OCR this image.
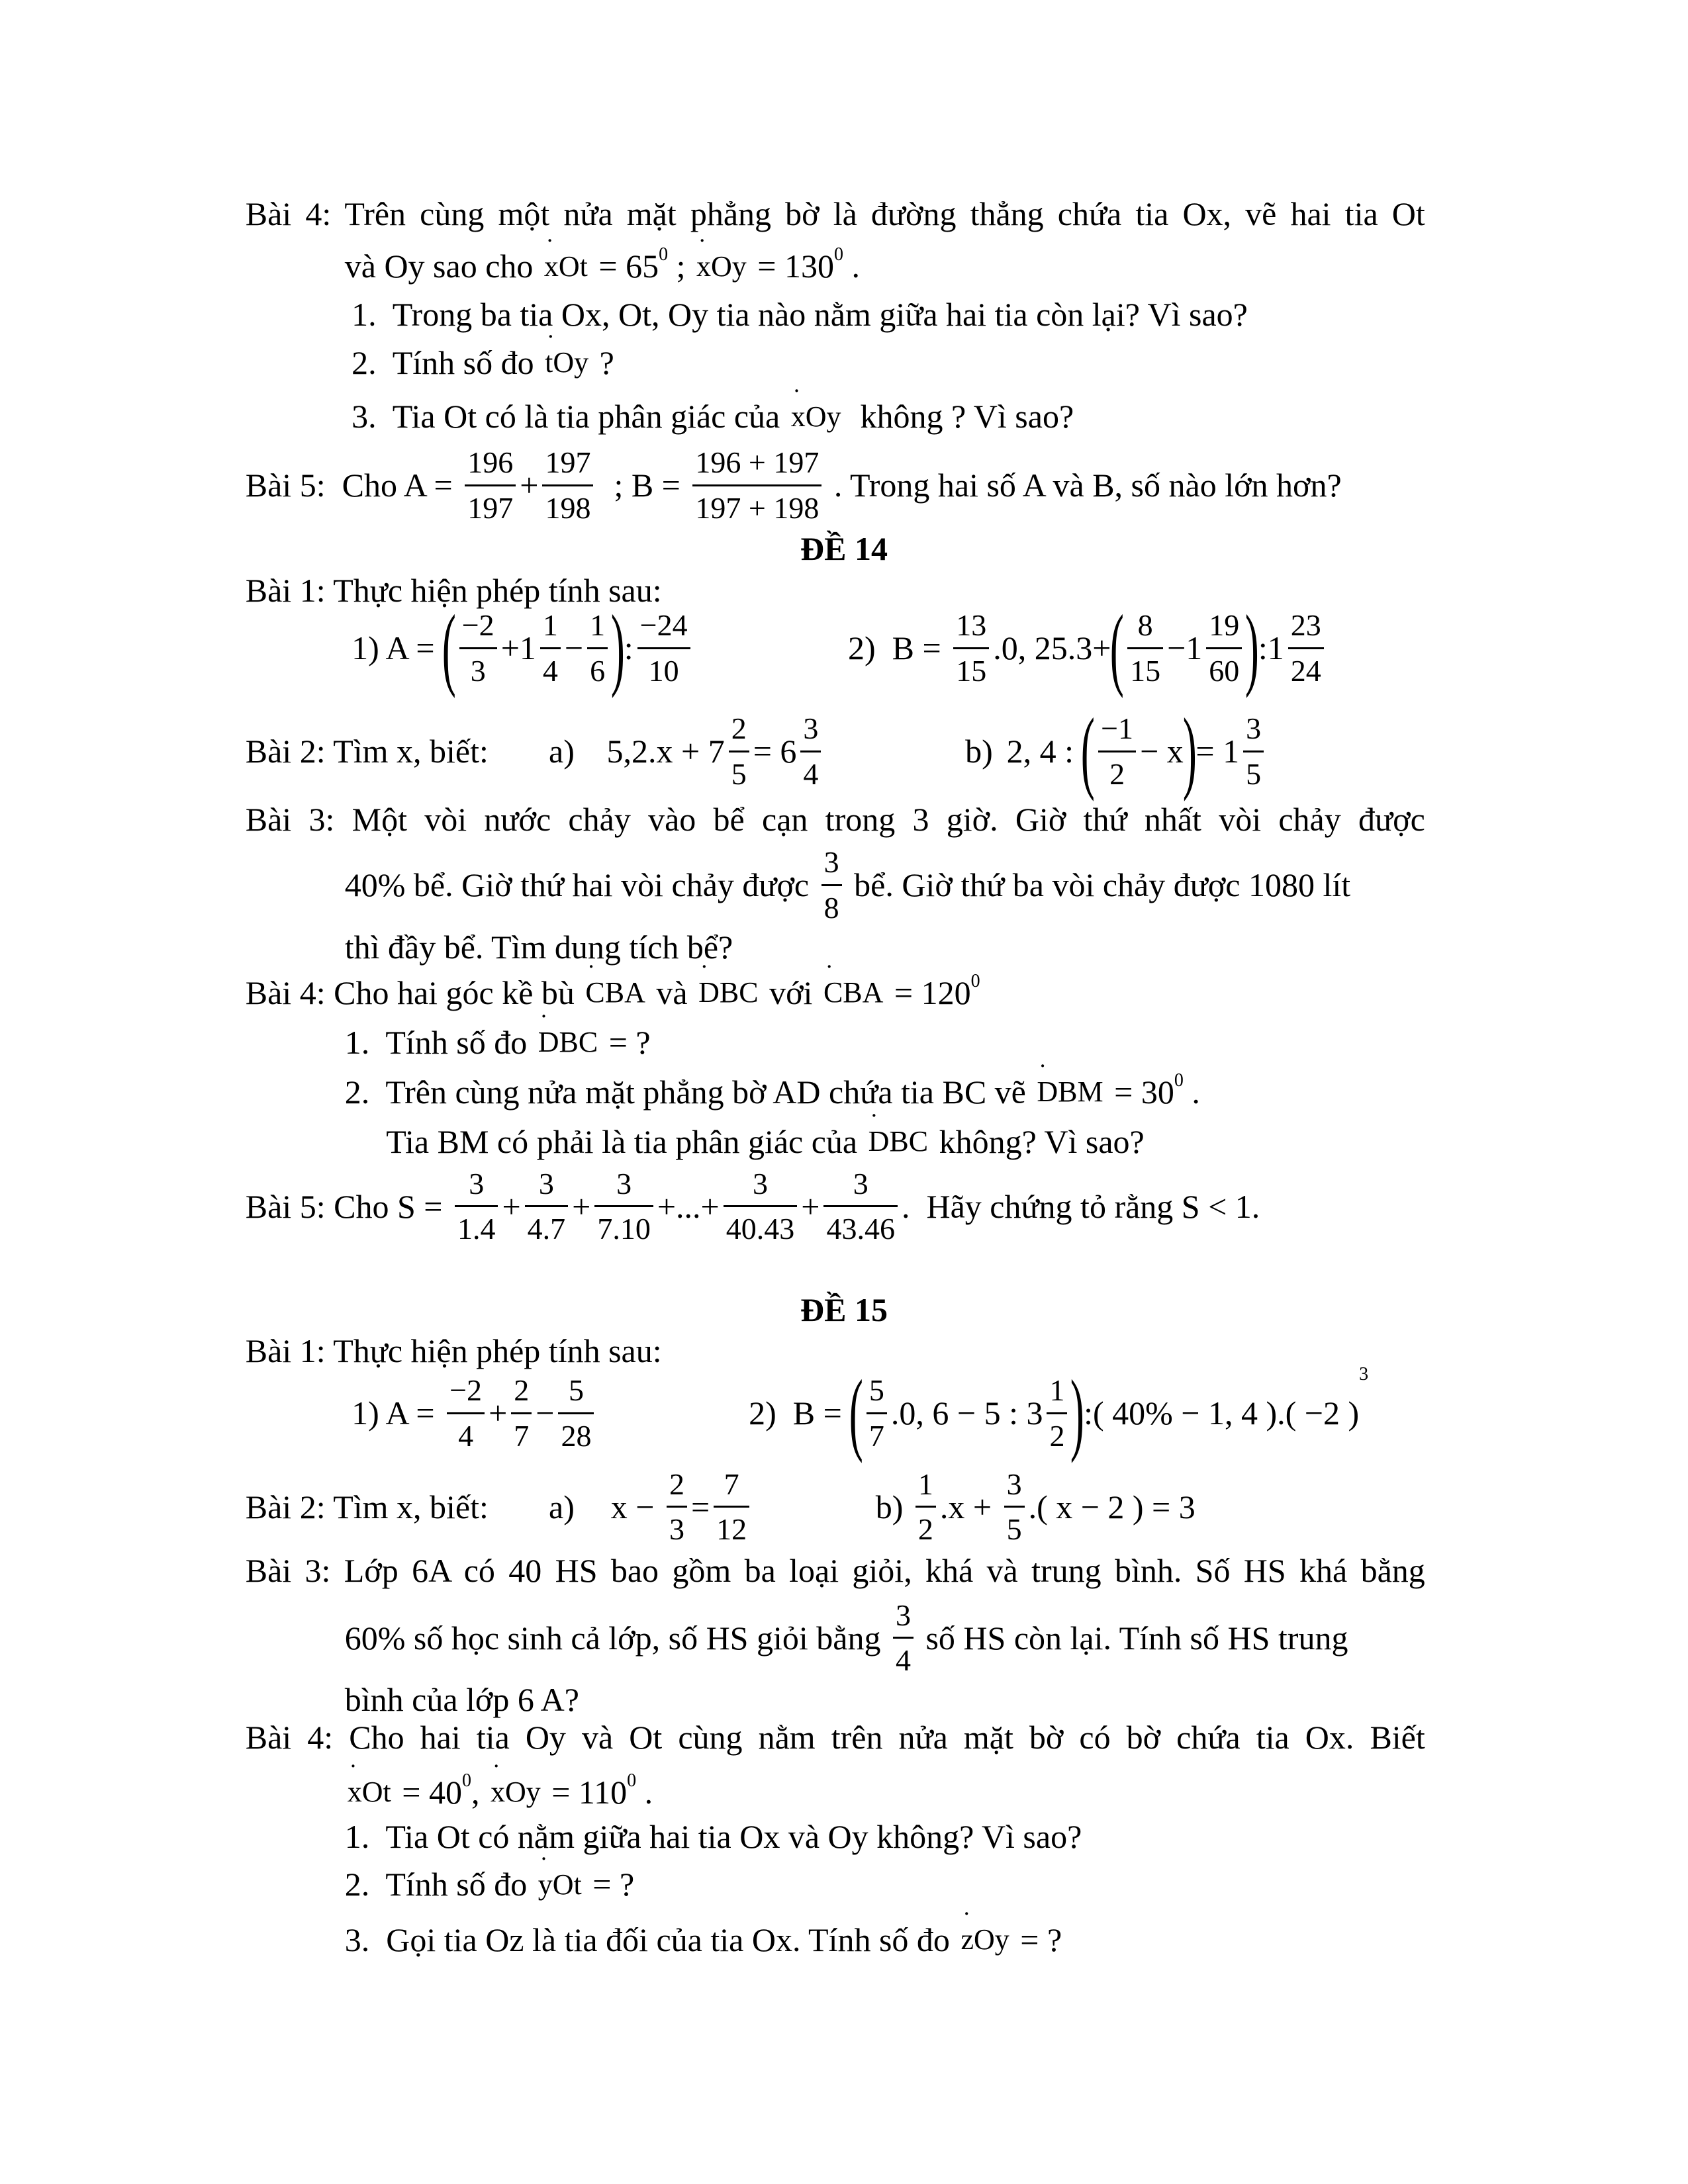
Bài 4: Trên cùng một nửa mặt phẳng bờ là đường thẳng chứa tia Ox, vẽ hai tia Ot
và Oy sao cho ˙ xOt = 65 0 ; ˙ xOy = 130 0 .
1.  Trong ba tia Ox, Ot, Oy tia nào nằm giữa hai tia còn lại? Vì sao?
2.  Tính số đo ˙ tOy ?
3.  Tia Ot có là tia phân giác của ˙ xOy không ? Vì sao?
Bài 5:  Cho $A = \frac{196}{197} + \frac{197}{198}$ ; $B = \frac{196 + 197}{197 + 198}$ . Trong hai số A và B, số nào lớn hơn?
ĐỀ 14
Bài 1: Thực hiện phép tính sau:
1) A =
( $\frac{-2}{3} +1 \frac{1}{4} - \frac{1}{6}$ )
: $\frac{-24}{10}$	2)  $B = \frac{13}{15} .0$, 25.3+
( $\frac{8}{15} -1 \frac{19}{60}$ )
:1 $\frac{23}{24}$
Bài 2: Tìm x, biết: a) $5,2.x + 7 \frac{2}{5} = 6 \frac{3}{4}$	b) 2, 4 :
( $\frac{-1}{2} - x$
)
= $1 \frac{3}{5}$
Bài 3: Một vòi nước chảy vào bể cạn trong 3 giờ. Giờ thứ nhất vòi chảy được
40% bể. Giờ thứ hai vòi chảy được $\frac{3}{8}$ bể. Giờ thứ ba vòi chảy được 1080 lít
thì đầy bể. Tìm dung tích bể?
Bài 4: Cho hai góc kề bù ˙ CBA và ˙ DBC với ˙ CBA = 120 0
1.  Tính số đo ˙ DBC = ?
2.  Trên cùng nửa mặt phẳng bờ AD chứa tia BC vẽ ˙ DBM = 30 0 .
Tia BM có phải là tia phân giác của ˙ DBC không? Vì sao?
Bài 5: Cho $S = \frac{3}{1.4} + \frac{3}{4.7} + \frac{3}{7.10}$ +...+ $\frac{3}{40.43} + \frac{3}{43.46}$ .  Hãy chứng tỏ rằng S < 1.
ĐỀ 15
Bài 1: Thực hiện phép tính sau:
1) $A = \frac{-2}{4} + \frac{2}{7} - \frac{5}{28}$	2)  B =
( $\frac{5}{7} .0$, 6 − 5 : $3 \frac{1}{2}$ )
:( 40% − 1, 4 ).( −2 )
3
Bài 2: Tìm x, biết: a) $x - \frac{2}{3} = \frac{7}{12}$	$b) \frac{1}{2} .x + \frac{3}{5}$ .( x − 2 ) = 3
Bài 3: Lớp 6A có 40 HS bao gồm ba loại giỏi, khá và trung bình. Số HS khá bằng
60% số học sinh cả lớp, số HS giỏi bằng $\frac{3}{4}$ số HS còn lại. Tính số HS trung
bình của lớp 6 A?
Bài 4: Cho hai tia Oy và Ot cùng nằm trên nửa mặt bờ có bờ chứa tia Ox. Biết
˙ xOt = 40 0 , ˙ xOy = 110 0 .
1.  Tia Ot có nằm giữa hai tia Ox và Oy không? Vì sao?
2.  Tính số đo ˙ yOt = ?
3.  Gọi tia Oz là tia đối của tia Ox. Tính số đo ˙ zOy = ?
